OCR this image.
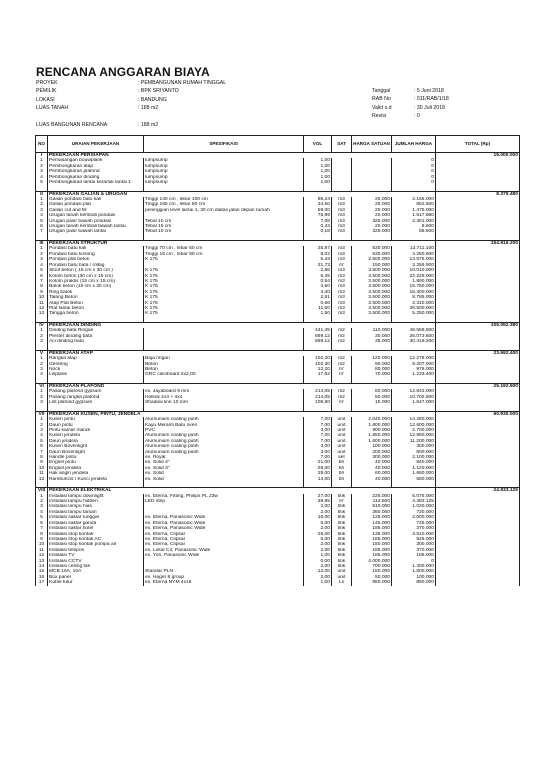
RENCANA ANGGARAN BIAYA
PROYEK	: PEMBANGUNAN RUMAH TINGGAL
PEMILIK	: BPK SRIYANTO
LOKASI	: BANDUNG
LUAS TANAH	: 188 m2
LUAS BANGUNAN RENCANA	: 188 m2
Tanggal	: 5 Juni 2018
RAB No	: 011/RAB/1/18
Valid s.d	: 30 Juli 2018
Revisi	: 0
NO	URAIAN PEKERJAAN	SPESIFIKASI	VOL	SAT	HARGA SATUAN	JUMLAH HARGA	TOTAL (Rp)
I	PEKERJAAN PERSIAPAN						15.000.000
1	Pemasangan bouwplank	lumpsump	1,00			0	
2	Pembongkaran atap	lumpsump	1,00			0	
3	Pembongkaran plafond	lumpsump	1,00			0	
4	Pembongkaran dinding	lumpsump	1,00			0	
5	Pembongkaran lantai keramik lantai 1	lumpsump	1,00			0	

II	PEKERJAAN GALIAN & URUGAN						8.379.480
1	Galian pondasi batu kali	Tinggi 140 cm , lebar 100 cm	86,24	m3	25.000	2.156.000	
2	Galian pondasi plat	Tinggi 165 cm , lebar 80 cm	34,50	m3	25.000	862.500	
3	Galian cut and fill	peninggian level lantai 1, 30 cm diatas jalan depan rumah	59,00	m3	25.000	1.475.000	
4	Urugan tanah kembali pondasi		75,89	m3	20.000	1.517.880	
5	Urugan pasir bawah pondasi	Tebal 10 cm	7,08	m3	325.000	2.301.000	
6	Urugan tanah kembali bawah lantai	Tebal 15 cm	0,43	m3	20.000	8.600	
7	Urugan pasir bawah lantai	Tebal 10 cm	0,18	m3	325.000	58.500	

III	PEKERJAAN STRUKTUR						154.916.200
1	Pondasi batu kali	Tinggi 70 cm , lebar 60 cm	25,87	m3	530.000	13.711.100	
2	Pondasi batu kosong	Tinggi 15 cm , lebar 80 cm	8,02	m3	530.000	4.250.600	
3	Pondasi plat beton	K 175	5,43	m3	2.500.000	13.575.000	
4	Pondasi batu bata / rollag		21,73	m'	150.000	3.259.500	
5	Sloof beton ( 15 cm x 30 cm )	K 175	2,86	m3	3.500.000	10.010.000	
6	Kolom beton (30 cm x 15 cm)	K 175	6,35	m3	3.500.000	22.225.000	
7	Kolom praktis (15 cm x 15 cm)	K 175	0,54	m3	3.500.000	1.890.000	
8	Balok beton (15 cm x 30 cm)	K 175	4,50	m3	3.500.000	15.750.000	
9	Ring balok	K 175	4,40	m3	3.500.000	15.400.000	
10	Talang Beton	K 175	2,51	m3	3.500.000	8.785.000	
11	Atap Plat Beton	K 175	0,66	m3	3.500.000	2.310.000	
12	Plat lantai beton	K 175	11,00	m3	3.500.000	38.500.000	
13	Tangga beton	K 175	1,50	m3	3.500.000	5.250.000	

IV	PEKERJAAN DINDING						105.052.380
1	Dinding bata Ringan		441,45	m2	110.000	48.559.500	
2	Plester dinding bata		869,12	m2	30.000	26.073.600	
3	Aci dinding bata		869,12	m2	35.000	30.419.200	

V	PEKERJAAN ATAP						23.692.400
1	Rangka atap	Baja ringan	102,30	m2	120.000	12.276.000	
2	Genteng	Beton	102,30	m2	90.000	9.207.000	
3	Nock	Beton	12,20	m'	80.000	976.000	
4	Lisplank	GRC calciboard 2x2,00	17,62	m'	70.000	1.233.400	

VI	PEKERJAAN PLAFOND						25.192.500
1	Pasang plafond gypsum	ex. Jayaboard 9 mm	214,05	m2	60.000	12.843.000	
2	Pasang rangka plafond	Hollow 2x4 + 4x4	214,05	m2	50.000	10.702.500	
3	List plafond gypsum	Shadow line 10 mm	109,80	m'	15.000	1.647.000	

VII	PEKERJAAN KUSEN, PINTU, JENDELA						60.930.000
1	Kusen pintu	Alumunium coating putih	7,00	unit	2.040.000	14.280.000	
2	Daun pintu	Kayu Meranti Batu oven	7,00	unit	1.800.000	12.600.000	
3	Pintu kamar mandi	PVC	3,00	unit	900.000	2.700.000	
4	Kusen jendela	Alumunium coating putih	7,00	unit	1.850.000	12.950.000	
5	Daun jendela	Alumunium coating putih	7,00	unit	1.600.000	11.200.000	
6	Kusen Bovenlight	Alumunium coating putih	3,00	unit	100.000	300.000	
7	Daun Bovenlight	Alumunium coating putih	3,00	unit	200.000	600.000	
8	Handle pintu	ex. Royal	7,00	set	300.000	2.100.000	
9	Engsel pintu	ex. Solid 4"	21,00	bh	40.000	840.000	
10	Engsel jendela	ex. Solid 3"	28,00	bh	40.000	1.120.000	
11	Hak angin jendela	ex. Solid	28,00	bh	60.000	1.680.000	
12	Rambuncis / Kunci jendela	ex. Solid	14,00	bh	40.000	560.000	

VIII	PEKERJAAN ELEKTRIKAL						24.833.125
1	Instalasi lampu downlight	ex. Eterna, Fitting, Philips PL 23w	27,00	titik	225.000	6.075.000	
2	Instalasi lampu hidden	LED strip	39,85	m'	112.500	4.483.125	
3	Instalasi lampu hias		2,00	titik	510.000	1.020.000	
4	Instalasi lampu taman		2,00	titik	360.000	720.000	
5	Instalasi saklar tunggal	ex. Eterna, Panasonic Wide	16,00	titik	125.000	2.000.000	
6	Instalasi saklar ganda	ex. Eterna, Panasonic Wide	5,00	titik	145.000	725.000	
7	Instalasi saklar hotel	ex. Eterna, Panasonic Wide	2,00	titik	185.000	370.000	
8	Instalasi stop kontak	ex. Eterna, Clipsal	26,00	titik	135.000	3.510.000	
9	Instalasi stop kontak AC	ex. Eterna, Clipsal	5,00	titik	185.000	925.000	
10	Instalasi stop kontak pompa air	ex. Eterna, Clipsal	2,00	titik	150.000	300.000	
11	Instalasi telepon	ex. Lokal C4, Panasonic Wide	2,00	titik	185.000	370.000	
12	Instalasi TV	ex. Yuri, Panasonic Wide	1,00	titik	185.000	185.000	
13	Instalasi CCTV		0,00	titik	4.000.000	0	
14	Instalasi ceiling fan		2,00	titik	700.000	1.400.000	
15	MCB 16A, 10A	Standar PLN	12,00	unit	150.000	1.800.000	
16	Box panel	ex. Hager 8 group	2,00	unit	50.000	100.000	
17	Kabel tutur	ex. Eterna NYM 4x16	1,00	Ls	850.000	850.000	
